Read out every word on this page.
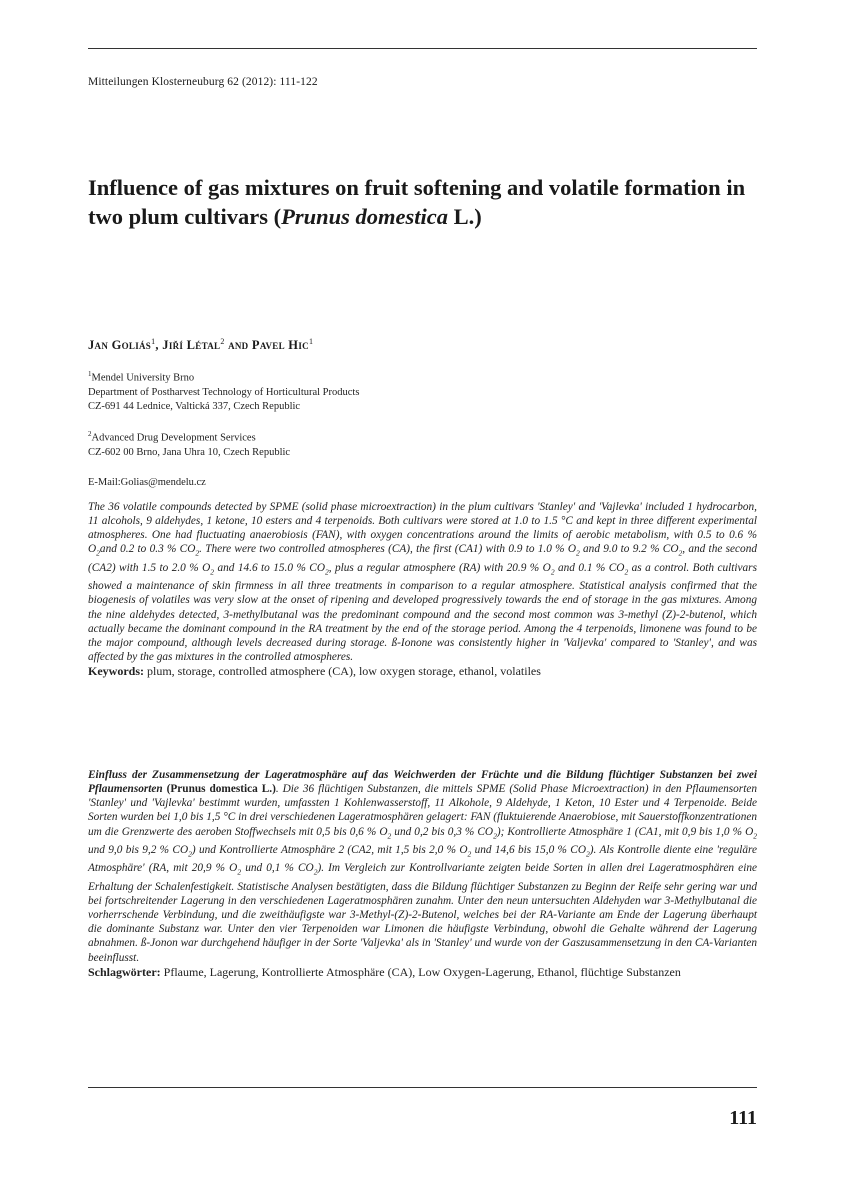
Mitteilungen Klosterneuburg 62 (2012): 111-122
Influence of gas mixtures on fruit softening and volatile formation in two plum cultivars (Prunus domestica L.)
Jan Goliás$^1$, Jiří Létal$^2$ and Pavel Hic$^1$
$^1$Mendel University Brno
Department of Postharvest Technology of Horticultural Products
CZ-691 44 Lednice, Valtická 337, Czech Republic
$^2$Advanced Drug Development Services
CZ-602 00 Brno, Jana Uhra 10, Czech Republic
E-Mail:Golias@mendelu.cz

The 36 volatile compounds detected by SPME (solid phase microextraction) in the plum cultivars 'Stanley' and 'Vajlevka' included 1 hydrocarbon, 11 alcohols, 9 aldehydes, 1 ketone, 10 esters and 4 terpenoids. Both cultivars were stored at 1.0 to 1.5 °C and kept in three different experimental atmospheres. One had fluctuating anaerobiosis (FAN), with oxygen concentrations around the limits of aerobic metabolism, with 0.5 to 0.6 % $O_2and$ 0.2 to 0.3 % $CO_2$. There were two controlled atmospheres (CA), the first (CA1) with 0.9 to 1.0 % $O_2$ and 9.0 to 9.2 % $CO_2$, and the second (CA2) with 1.5 to 2.0 % $O_2$ and 14.6 to 15.0 % $CO_2$, plus a regular atmosphere (RA) with 20.9 % $O_2$ and 0.1 % $CO_2$ as a control. Both cultivars showed a maintenance of skin firmness in all three treatments in comparison to a regular atmosphere. Statistical analysis confirmed that the biogenesis of volatiles was very slow at the onset of ripening and developed progressively towards the end of storage in the gas mixtures. Among the nine aldehydes detected, 3-methylbutanal was the predominant compound and the second most common was 3-methyl (Z)-2-butenol, which actually became the dominant compound in the RA treatment by the end of the storage period. Among the 4 terpenoids, limonene was found to be the major compound, although levels decreased during storage. ß-Ionone was consistently higher in 'Valjevka' compared to 'Stanley', and was affected by the gas mixtures in the controlled atmospheres.
Keywords: plum, storage, controlled atmosphere (CA), low oxygen storage, ethanol, volatiles

Einfluss der Zusammensetzung der Lageratmosphäre auf das Weichwerden der Früchte und die Bildung flüchtiger Substanzen bei zwei Pflaumensorten (Prunus domestica L.). Die 36 flüchtigen Substanzen, die mittels SPME (Solid Phase Microextraction) in den Pflaumensorten 'Stanley' und 'Vajlevka' bestimmt wurden, umfassten 1 Kohlenwasserstoff, 11 Alkohole, 9 Aldehyde, 1 Keton, 10 Ester und 4 Terpenoide. Beide Sorten wurden bei 1,0 bis 1,5 °C in drei verschiedenen Lageratmosphären gelagert: FAN (fluktuierende Anaerobiose, mit Sauerstoffkonzentrationen um die Grenzwerte des aeroben Stoffwechsels mit 0,5 bis 0,6 % $O_2$ und 0,2 bis 0,3 % $CO_2$); Kontrollierte Atmosphäre 1 (CA1, mit 0,9 bis 1,0 % $O_2$ und 9,0 bis 9,2 % $CO_2$) und Kontrollierte Atmosphäre 2 (CA2, mit 1,5 bis 2,0 % $O_2$ und 14,6 bis 15,0 % $CO_2$). Als Kontrolle diente eine 'reguläre Atmosphäre' (RA, mit 20,9 % $O_2$ und 0,1 % $CO_2$). Im Vergleich zur Kontrollvariante zeigten beide Sorten in allen drei Lageratmosphären eine Erhaltung der Schalenfestigkeit. Statistische Analysen bestätigten, dass die Bildung flüchtiger Substanzen zu Beginn der Reife sehr gering war und bei fortschreitender Lagerung in den verschiedenen Lageratmosphären zunahm. Unter den neun untersuchten Aldehyden war 3-Methylbutanal die vorherrschende Verbindung, und die zweithäufigste war 3-Methyl-(Z)-2-Butenol, welches bei der RA-Variante am Ende der Lagerung überhaupt die dominante Substanz war. Unter den vier Terpenoiden war Limonen die häufigste Verbindung, obwohl die Gehalte während der Lagerung abnahmen. ß-Jonon war durchgehend häufiger in der Sorte 'Valjevka' als in 'Stanley' und wurde von der Gaszusammensetzung in den CA-Varianten beeinflusst.
Schlagwörter: Pflaume, Lagerung, Kontrollierte Atmosphäre (CA), Low Oxygen-Lagerung, Ethanol, flüchtige Substanzen

111
